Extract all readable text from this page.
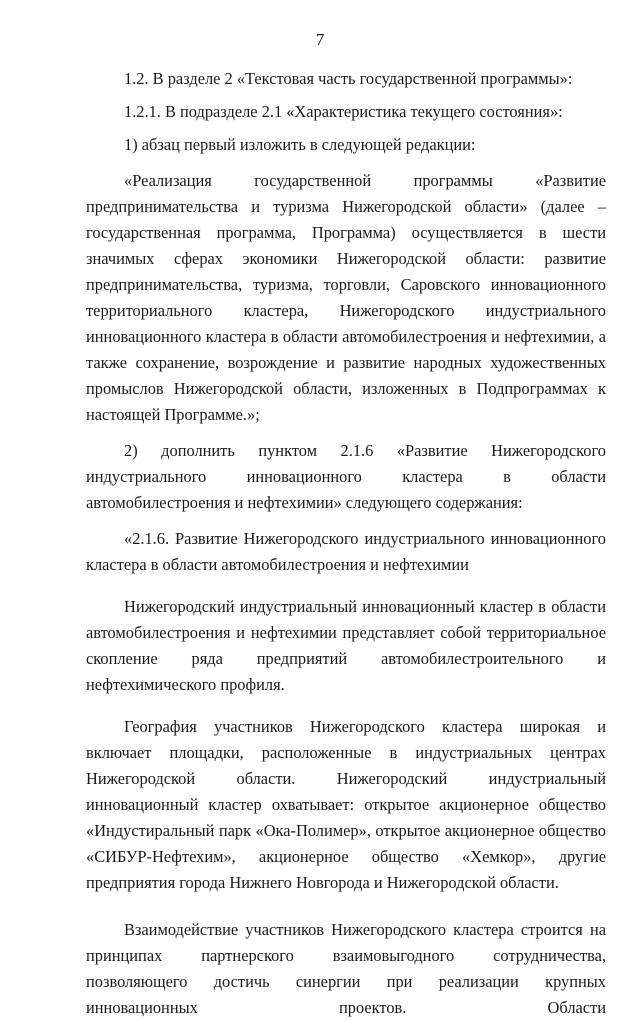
7

1.2. В разделе 2 «Текстовая часть государственной программы»:

1.2.1. В подразделе 2.1 «Характеристика текущего состояния»:

1) абзац первый изложить в следующей редакции:

«Реализация государственной программы «Развитие предпринимательства и туризма Нижегородской области» (далее – государственная программа, Программа) осуществляется в шести значимых сферах экономики Нижегородской области: развитие предпринимательства, туризма, торговли, Саровского инновационного территориального кластера, Нижегородского индустриального инновационного кластера в области автомобилестроения и нефтехимии, а также сохранение, возрождение и развитие народных художественных промыслов Нижегородской области, изложенных в Подпрограммах к настоящей Программе.»;

2) дополнить пунктом 2.1.6 «Развитие Нижегородского индустриального инновационного кластера в области автомобилестроения и нефтехимии» следующего содержания:

«2.1.6. Развитие Нижегородского индустриального инновационного кластера в области автомобилестроения и нефтехимии

Нижегородский индустриальный инновационный кластер в области автомобилестроения и нефтехимии представляет собой территориальное скопление ряда предприятий автомобилестроительного и нефтехимического профиля.

География участников Нижегородского кластера широкая и включает площадки, расположенные в индустриальных центрах Нижегородской области. Нижегородский индустриальный инновационный кластер охватывает: открытое акционерное общество «Индустиральный парк «Ока-Полимер», открытое акционерное общество «СИБУР-Нефтехим», акционерное общество «Хемкор», другие предприятия города Нижнего Новгорода и Нижегородской области.

Взаимодействие участников Нижегородского кластера строится на принципах партнерского взаимовыгодного сотрудничества, позволяющего достичь синергии при реализации крупных инновационных проектов. Области
